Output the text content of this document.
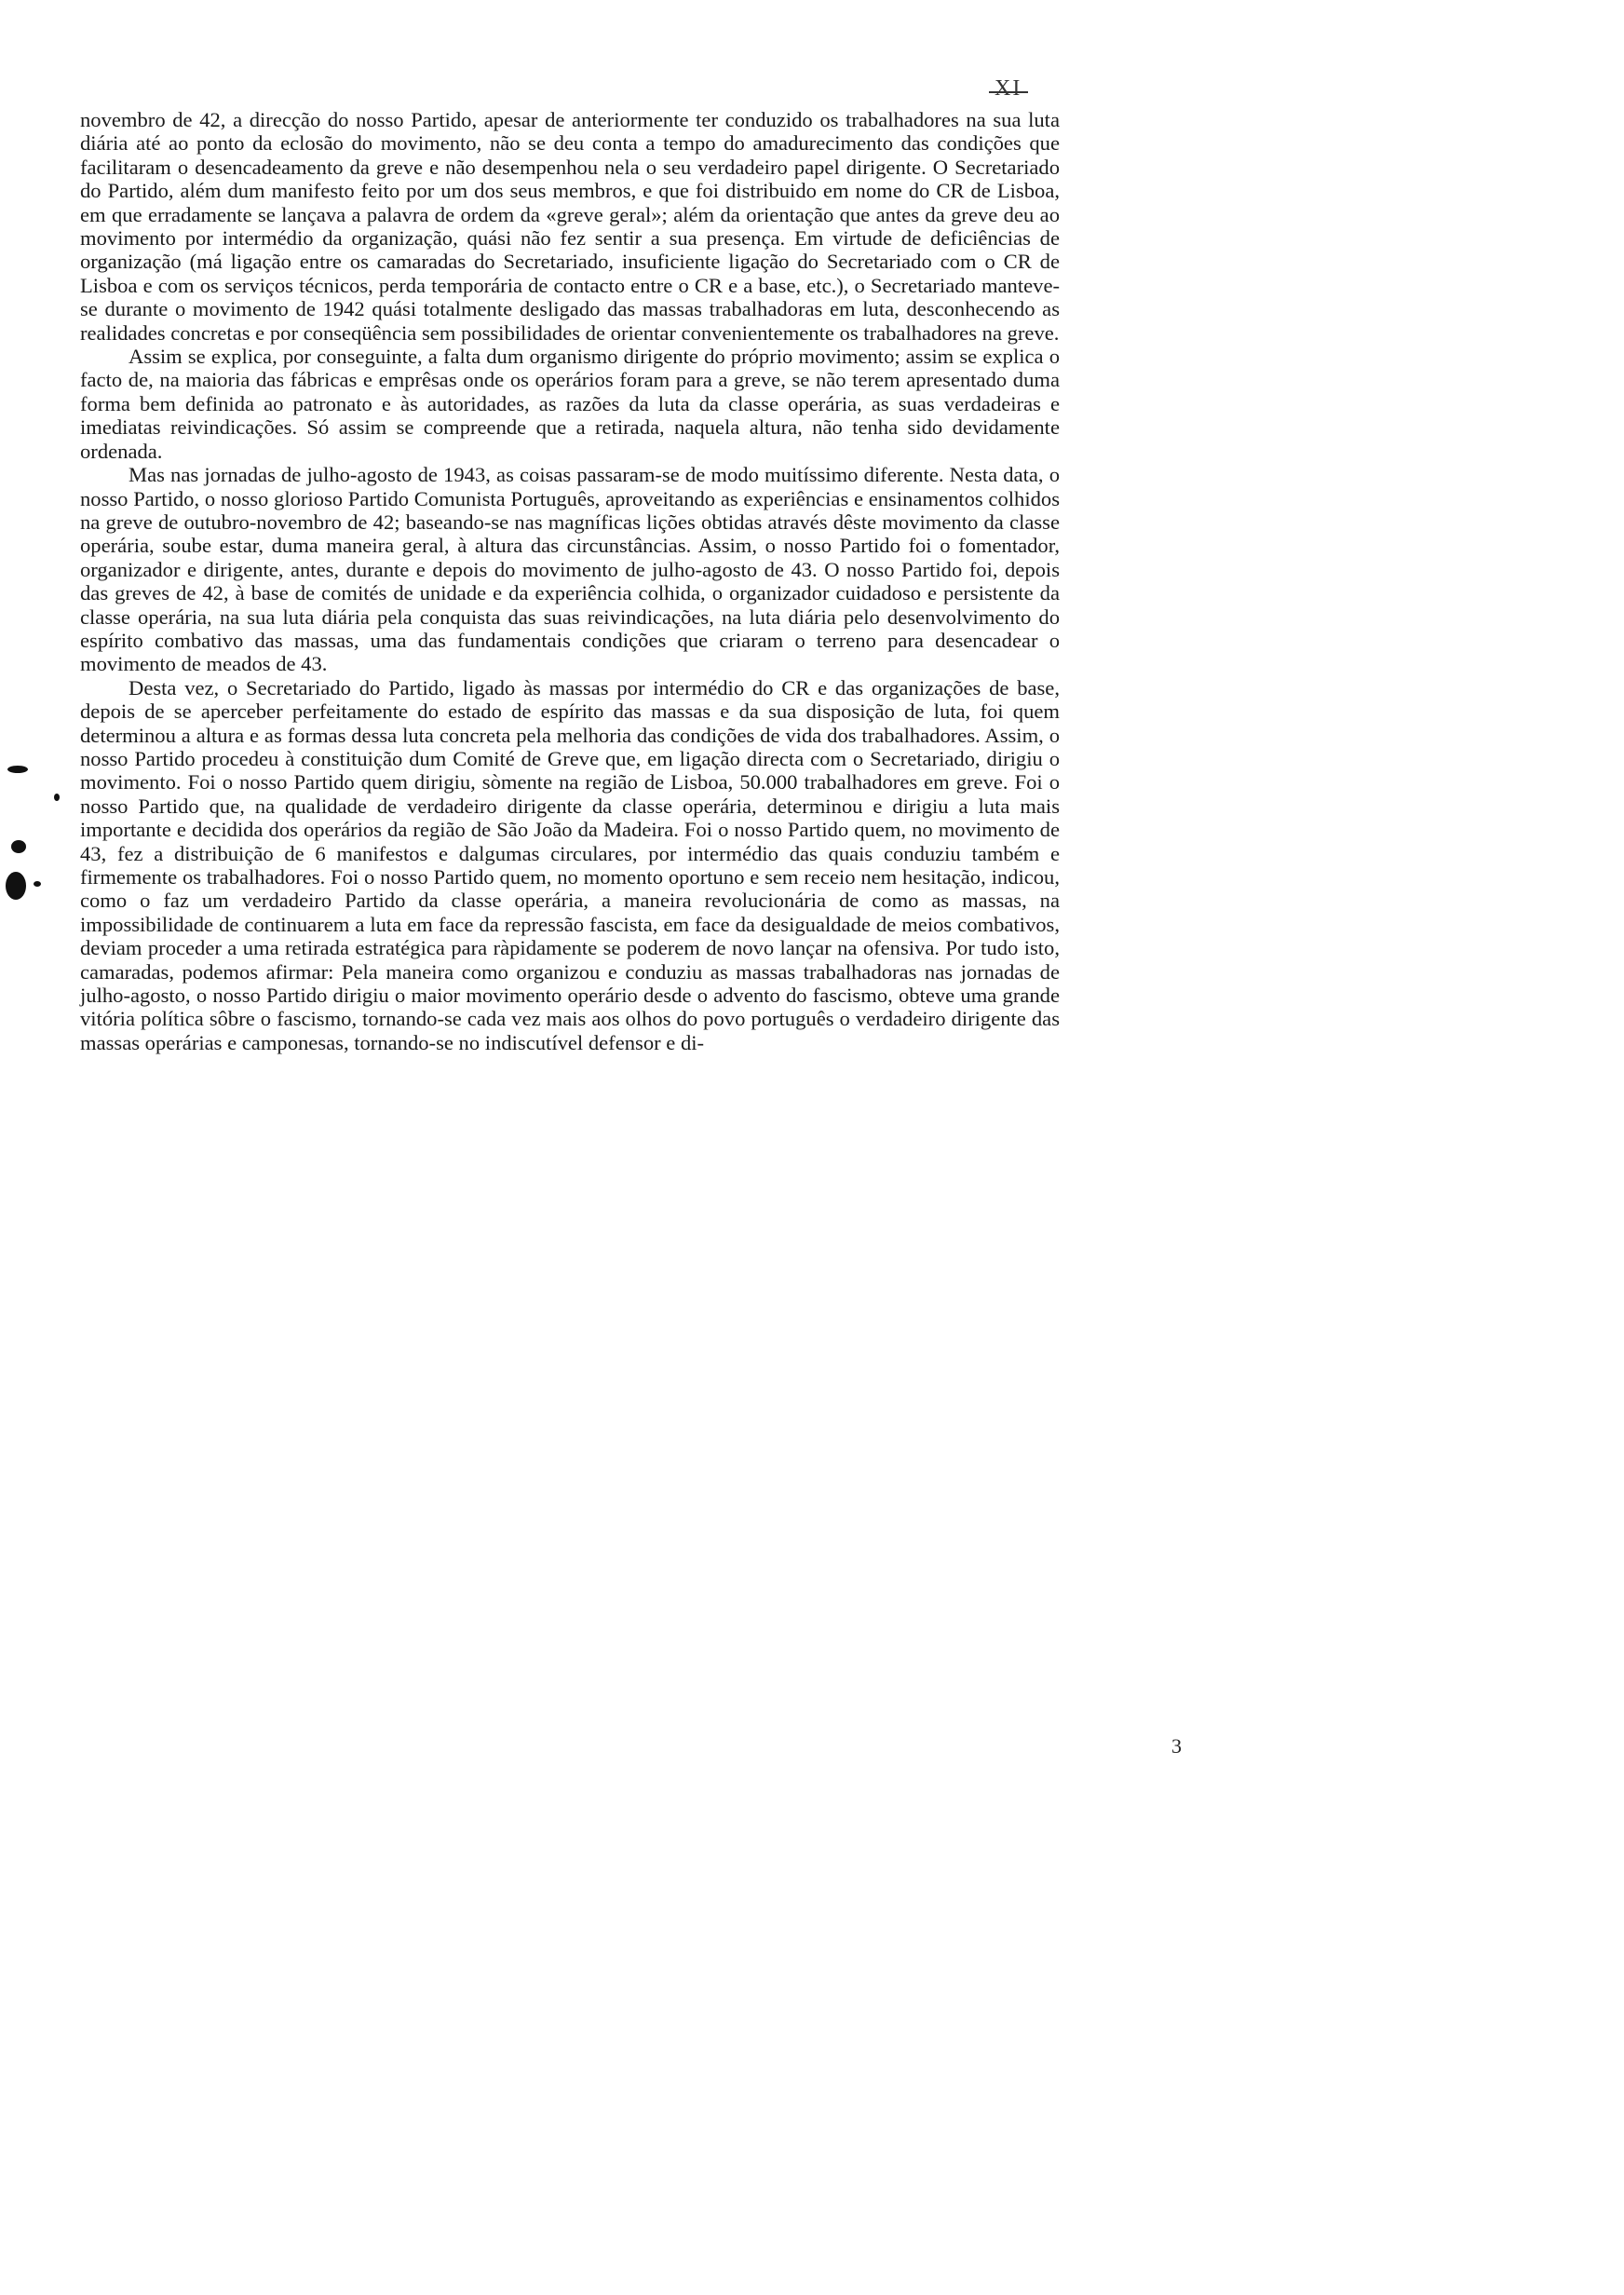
XI

novembro de 42, a direcção do nosso Partido, apesar de anteriormente ter conduzido os trabalhadores na sua luta diária até ao ponto da eclosão do movimento, não se deu conta a tempo do amadurecimento das condições que facilitaram o desencadeamento da greve e não desempenhou nela o seu verdadeiro papel dirigente. O Secretariado do Partido, além dum manifesto feito por um dos seus membros, e que foi distribuido em nome do CR de Lisboa, em que erradamente se lançava a palavra de ordem da «greve geral»; além da orientação que antes da greve deu ao movimento por intermédio da organização, quási não fez sentir a sua presença. Em virtude de deficiências de organização (má ligação entre os camaradas do Secretariado, insuficiente ligação do Secretariado com o CR de Lisboa e com os serviços técnicos, perda temporária de contacto entre o CR e a base, etc.), o Secretariado manteve-se durante o movimento de 1942 quási totalmente desligado das massas trabalhadoras em luta, desconhecendo as realidades concretas e por conseqüência sem possibilidades de orientar convenientemente os trabalhadores na greve.

Assim se explica, por conseguinte, a falta dum organismo dirigente do próprio movimento; assim se explica o facto de, na maioria das fábricas e emprêsas onde os operários foram para a greve, se não terem apresentado duma forma bem definida ao patronato e às autoridades, as razões da luta da classe operária, as suas verdadeiras e imediatas reivindicações. Só assim se compreende que a retirada, naquela altura, não tenha sido devidamente ordenada.

Mas nas jornadas de julho-agosto de 1943, as coisas passaram-se de modo muitíssimo diferente. Nesta data, o nosso Partido, o nosso glorioso Partido Comunista Português, aproveitando as experiências e ensinamentos colhidos na greve de outubro-novembro de 42; baseando-se nas magníficas lições obtidas através dêste movimento da classe operária, soube estar, duma maneira geral, à altura das circunstâncias. Assim, o nosso Partido foi o fomentador, organizador e dirigente, antes, durante e depois do movimento de julho-agosto de 43. O nosso Partido foi, depois das greves de 42, à base de comités de unidade e da experiência colhida, o organizador cuidadoso e persistente da classe operária, na sua luta diária pela conquista das suas reivindicações, na luta diária pelo desenvolvimento do espírito combativo das massas, uma das fundamentais condições que criaram o terreno para desencadear o movimento de meados de 43.

Desta vez, o Secretariado do Partido, ligado às massas por intermédio do CR e das organizações de base, depois de se aperceber perfeitamente do estado de espírito das massas e da sua disposição de luta, foi quem determinou a altura e as formas dessa luta concreta pela melhoria das condições de vida dos trabalhadores. Assim, o nosso Partido procedeu à constituição dum Comité de Greve que, em ligação directa com o Secretariado, dirigiu o movimento. Foi o nosso Partido quem dirigiu, sòmente na região de Lisboa, 50.000 trabalhadores em greve. Foi o nosso Partido que, na qualidade de verdadeiro dirigente da classe operária, determinou e dirigiu a luta mais importante e decidida dos operários da região de São João da Madeira. Foi o nosso Partido quem, no movimento de 43, fez a distribuição de 6 manifestos e dalgumas circulares, por intermédio das quais conduziu também e firmemente os trabalhadores. Foi o nosso Partido quem, no momento oportuno e sem receio nem hesitação, indicou, como o faz um verdadeiro Partido da classe operária, a maneira revolucionária de como as massas, na impossibilidade de continuarem a luta em face da repressão fascista, em face da desigualdade de meios combativos, deviam proceder a uma retirada estratégica para ràpidamente se poderem de novo lançar na ofensiva. Por tudo isto, camaradas, podemos afirmar: Pela maneira como organizou e conduziu as massas trabalhadoras nas jornadas de julho-agosto, o nosso Partido dirigiu o maior movimento operário desde o advento do fascismo, obteve uma grande vitória política sôbre o fascismo, tornando-se cada vez mais aos olhos do povo português o verdadeiro dirigente das massas operárias e camponesas, tornando-se no indiscutível defensor e di-

3
